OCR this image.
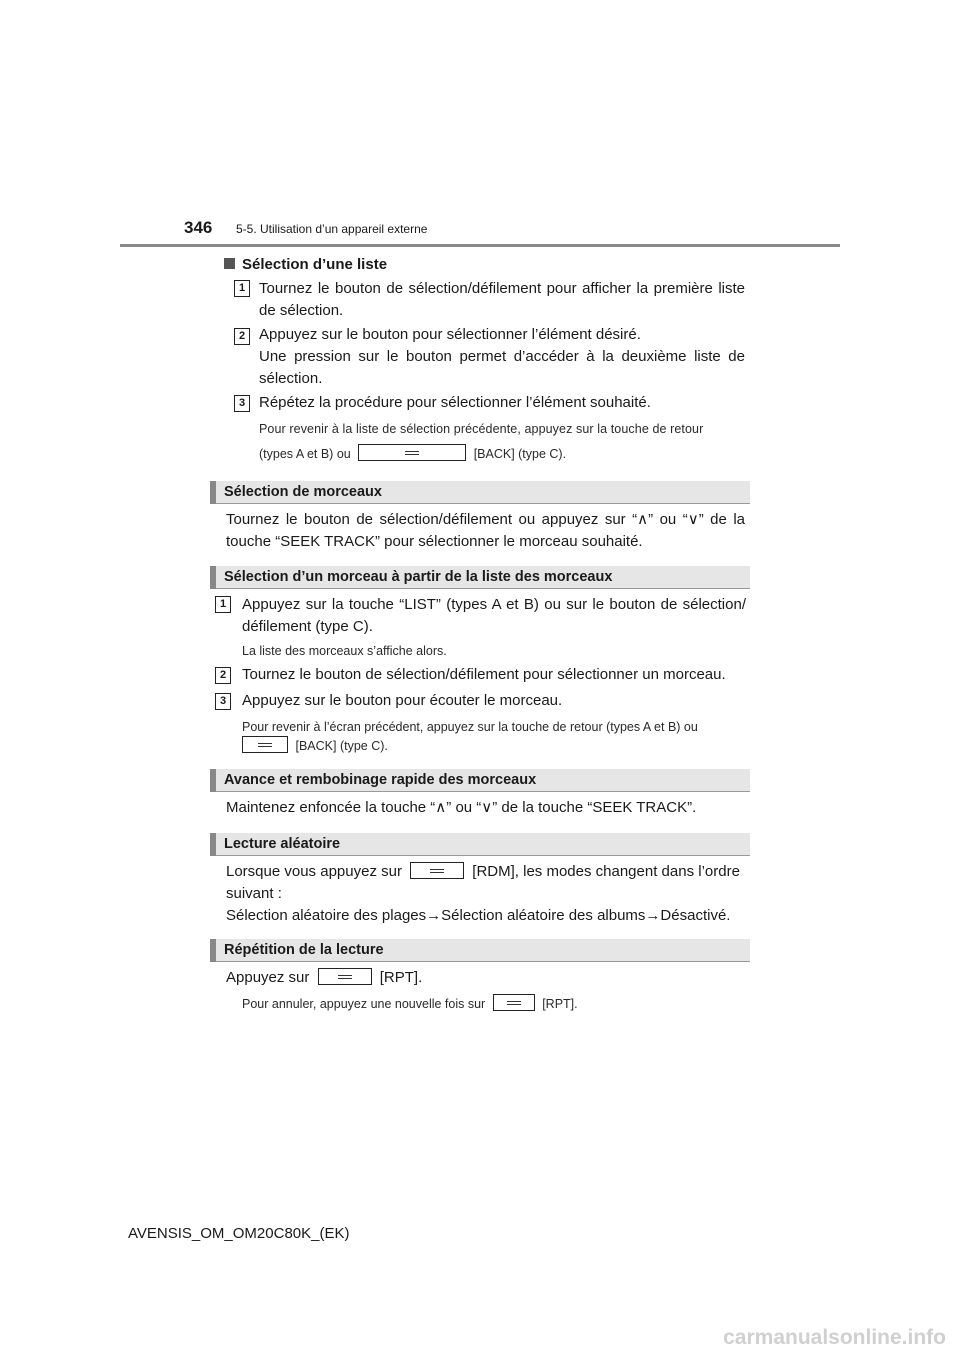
346 5-5. Utilisation d’un appareil externe
Sélection d’une liste
1 Tournez le bouton de sélection/défilement pour afficher la première liste de sélection.
2 Appuyez sur le bouton pour sélectionner l’élément désiré.
Une pression sur le bouton permet d’accéder à la deuxième liste de sélection.
3 Répétez la procédure pour sélectionner l’élément souhaité.
Pour revenir à la liste de sélection précédente, appuyez sur la touche de retour
(types A et B) ou	[BACK] (type C).
Sélection de morceaux
Tournez le bouton de sélection/défilement ou appuyez sur “∧” ou “∨” de la touche “SEEK TRACK” pour sélectionner le morceau souhaité.
Sélection d’un morceau à partir de la liste des morceaux
1	Appuyez sur la touche “LIST” (types A et B) ou sur le bouton de sélection/ défilement (type C).
La liste des morceaux s’affiche alors.
2	Tournez le bouton de sélection/défilement pour sélectionner un morceau.
3	Appuyez sur le bouton pour écouter le morceau.
Pour revenir à l’écran précédent, appuyez sur la touche de retour (types A et B) ou
[BACK] (type C).
Avance et rembobinage rapide des morceaux
Maintenez enfoncée la touche “∧” ou “∨” de la touche “SEEK TRACK”.
Lecture aléatoire
Lorsque vous appuyez sur	[RDM], les modes changent dans l’ordre
suivant :
Sélection aléatoire des plages→Sélection aléatoire des albums→Désactivé.
Répétition de la lecture
Appuyez sur	[RPT].
Pour annuler, appuyez une nouvelle fois sur	[RPT].
AVENSIS_OM_OM20C80K_(EK)
carmanualsonline.info
